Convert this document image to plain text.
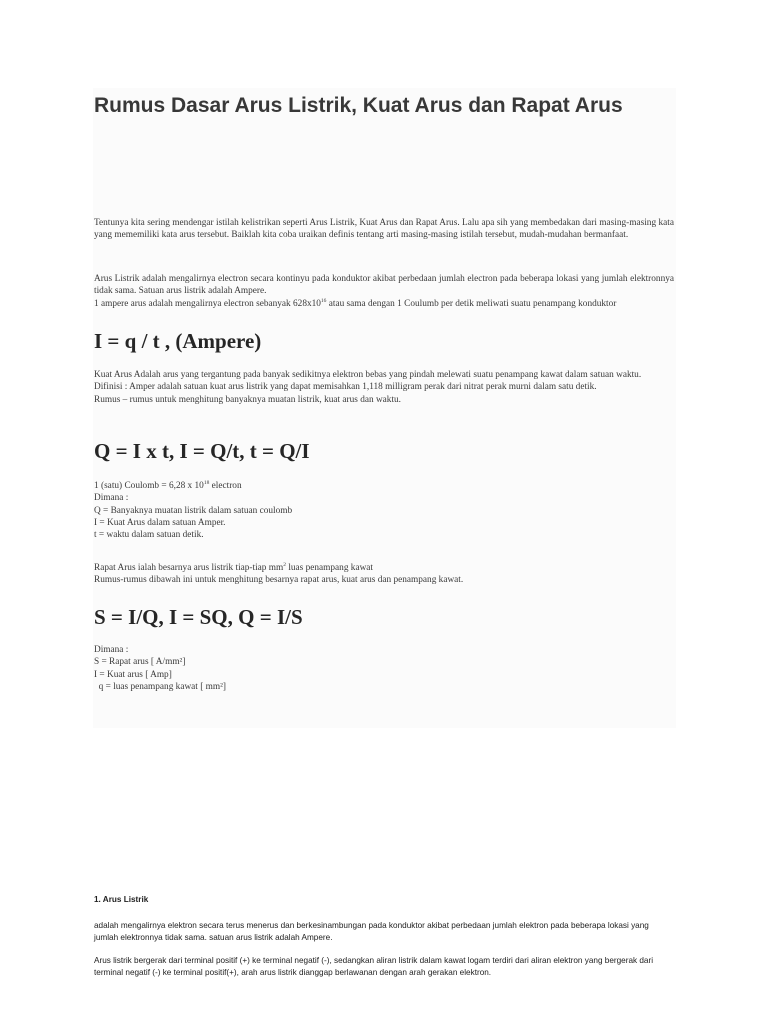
Rumus Dasar Arus Listrik, Kuat Arus dan Rapat Arus

Tentunya kita sering mendengar istilah kelistrikan seperti Arus Listrik, Kuat Arus dan Rapat Arus. Lalu apa sih yang membedakan dari masing-masing kata yang mememiliki kata arus tersebut. Baiklah kita coba uraikan definis tentang arti masing-masing istilah tersebut, mudah-mudahan bermanfaat.

Arus Listrik adalah mengalirnya electron secara kontinyu pada konduktor akibat perbedaan jumlah electron pada beberapa lokasi yang jumlah elektronnya tidak sama. Satuan arus listrik adalah Ampere.
1 ampere arus adalah mengalirnya electron sebanyak $628x10^{16}$ atau sama dengan 1 Coulumb per detik meliwati suatu penampang konduktor
I = q / t , (Ampere)
Kuat Arus Adalah arus yang tergantung pada banyak sedikitnya elektron bebas yang pindah melewati suatu penampang kawat dalam satuan waktu.
Difinisi : Amper adalah satuan kuat arus listrik yang dapat memisahkan 1,118 milligram perak dari nitrat perak murni dalam satu detik.
Rumus – rumus untuk menghitung banyaknya muatan listrik, kuat arus dan waktu.
Q = I x t, I = Q/t, t = Q/I
1 (satu) Coulomb = 6,28 x $10^{18}$ electron
Dimana :
Q = Banyaknya muatan listrik dalam satuan coulomb
I = Kuat Arus dalam satuan Amper.
t = waktu dalam satuan detik.
Rapat Arus ialah besarnya arus listrik tiap-tiap $mm^2$ luas penampang kawat
Rumus-rumus dibawah ini untuk menghitung besarnya rapat arus, kuat arus dan penampang kawat.
S = I/Q, I = SQ, Q = I/S
Dimana :
S = Rapat arus [ A/mm²]
I = Kuat arus [ Amp]
q = luas penampang kawat [ mm²]
1. Arus Listrik

adalah mengalirnya elektron secara terus menerus dan berkesinambungan pada konduktor akibat perbedaan jumlah elektron pada beberapa lokasi yang jumlah elektronnya tidak sama. satuan arus listrik adalah Ampere.

Arus listrik bergerak dari terminal positif (+) ke terminal negatif (-), sedangkan aliran listrik dalam kawat logam terdiri dari aliran elektron yang bergerak dari terminal negatif (-) ke terminal positif(+), arah arus listrik dianggap berlawanan dengan arah gerakan elektron.
